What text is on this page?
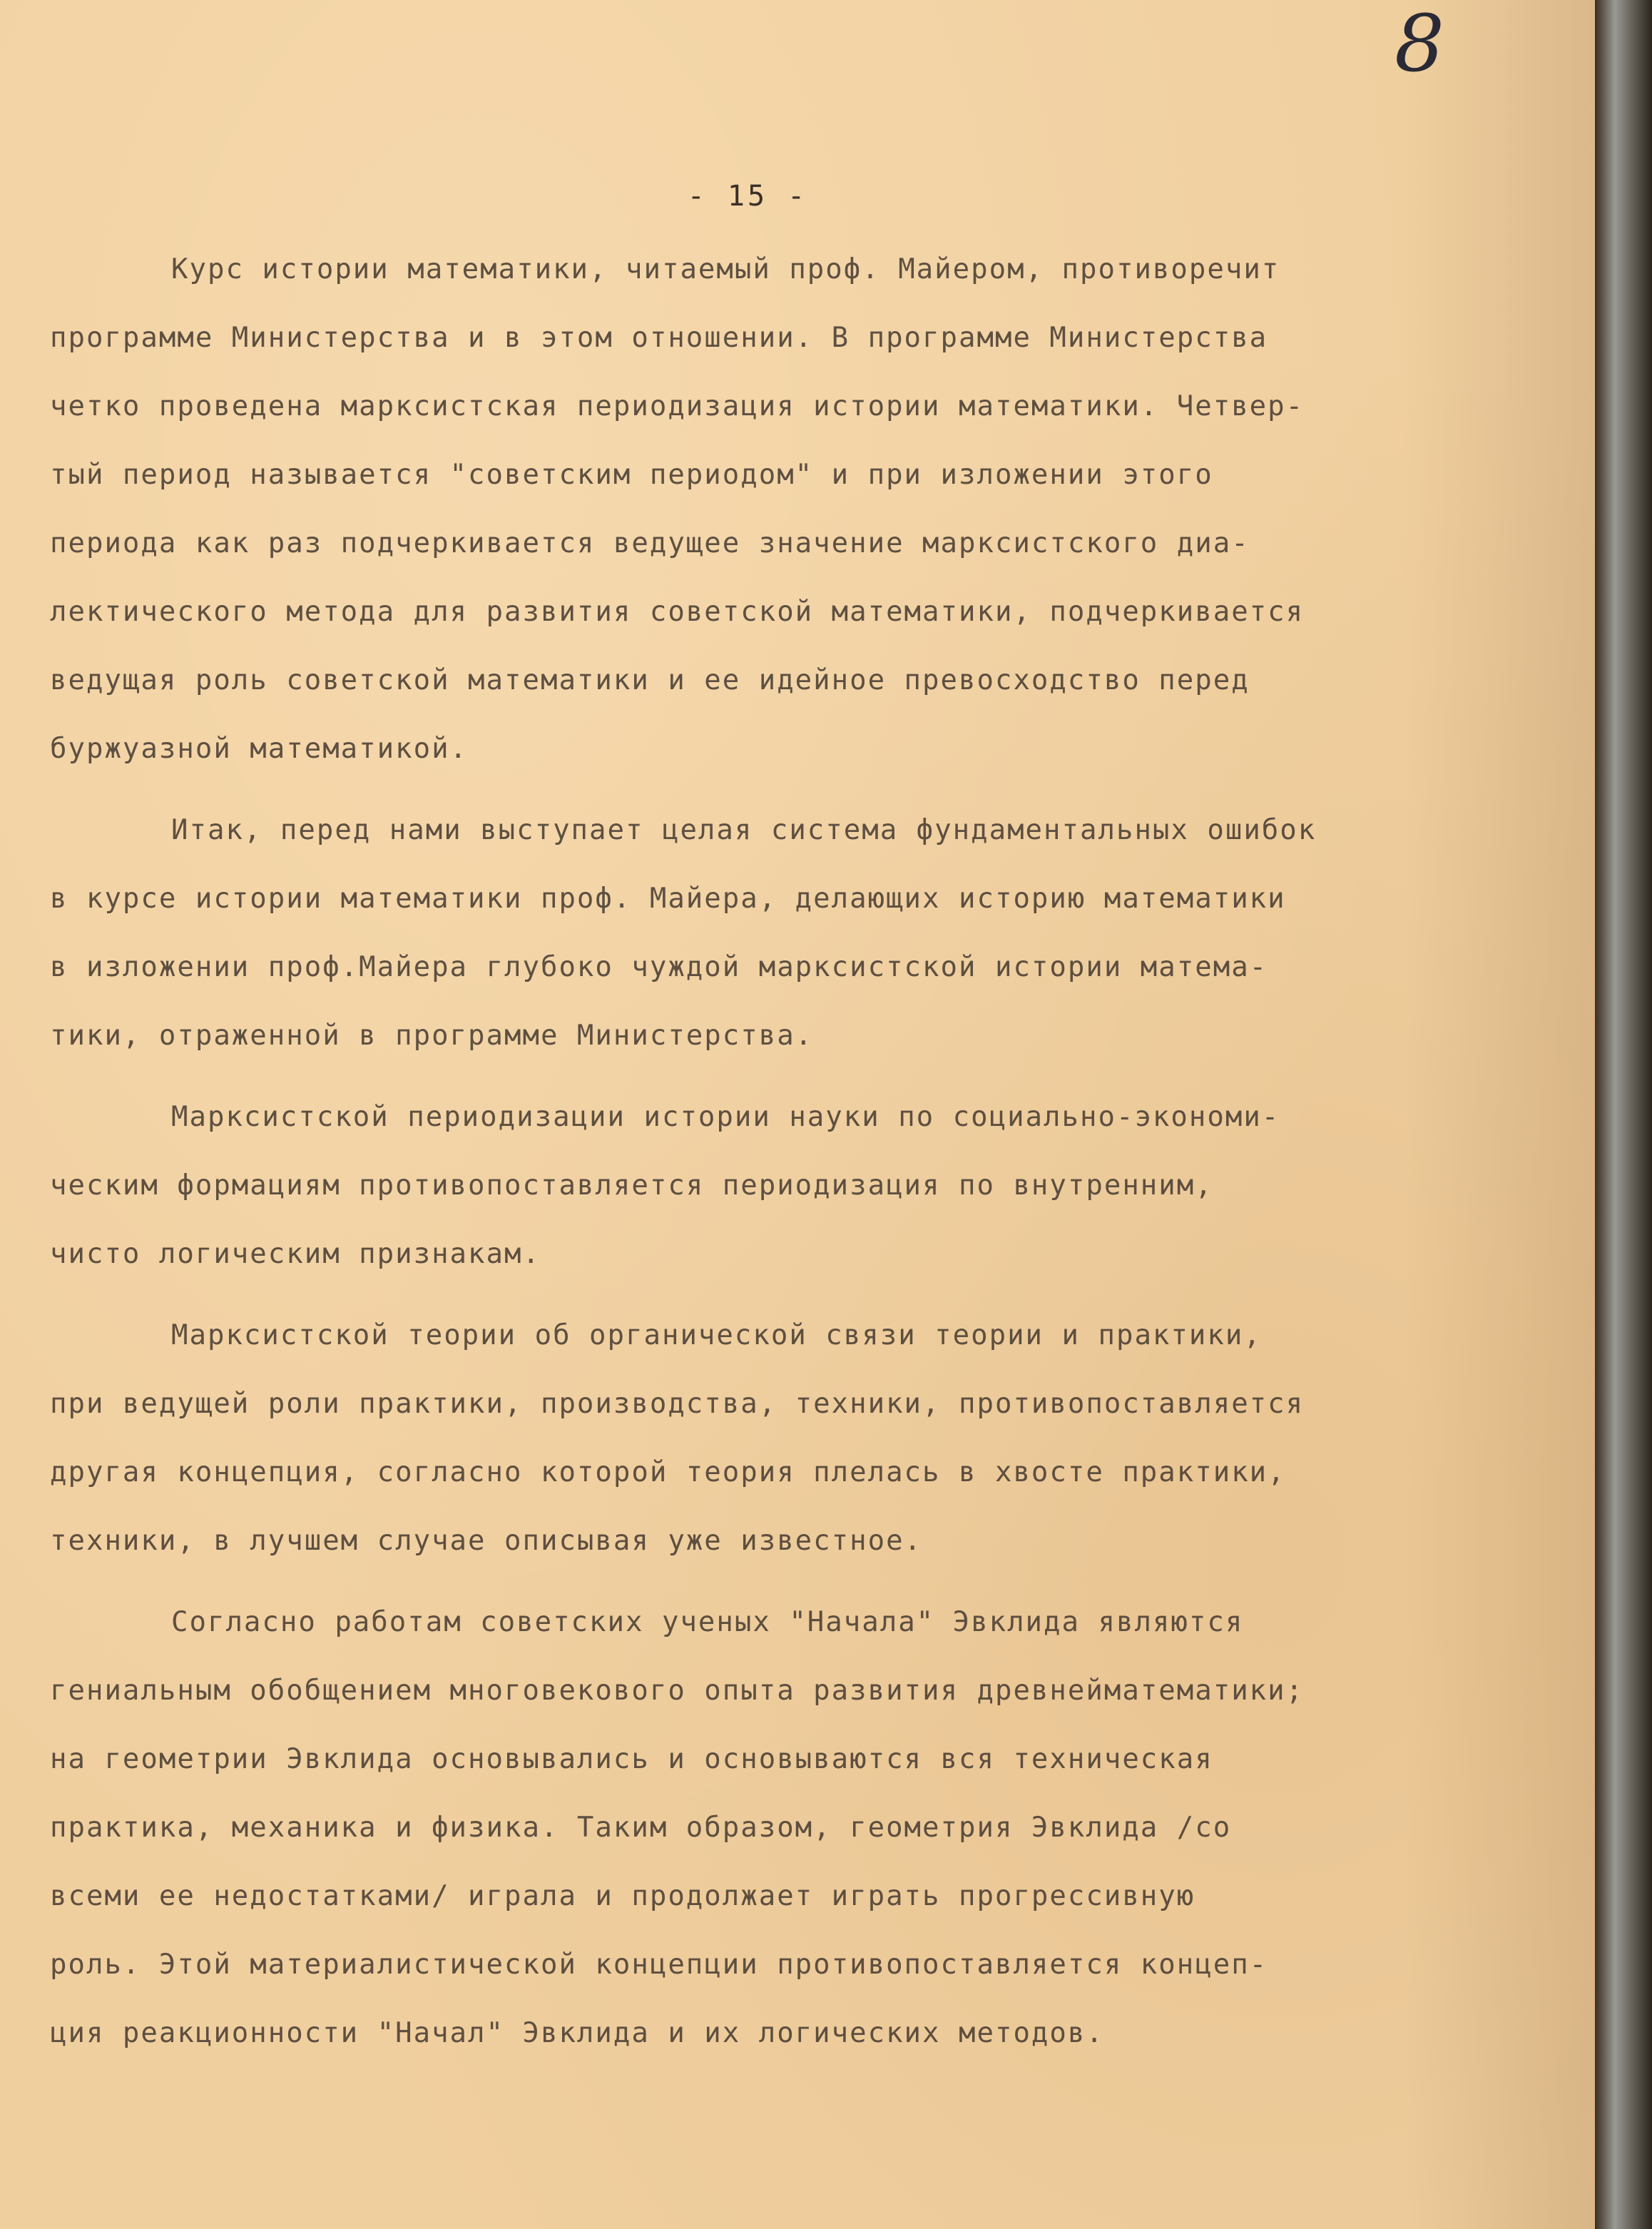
8
- 15 -
Курс истории математики, читаемый проф. Майером, противоречит
программе Министерства и в этом отношении. В программе Министерства
четко проведена марксистская периодизация истории математики. Четвер-
тый период называется "советским периодом" и при изложении этого
периода как раз подчеркивается ведущее значение марксистского диа-
лектического метода для развития советской математики, подчеркивается
ведущая роль советской математики и ее идейное превосходство перед
буржуазной математикой.
Итак, перед нами выступает целая система фундаментальных ошибок
в курсе истории математики проф. Майера, делающих историю математики
в изложении проф.Майера глубоко чуждой марксистской истории матема-
тики, отраженной в программе Министерства.
Марксистской периодизации истории науки по социально-экономи-
ческим формациям противопоставляется периодизация по внутренним,
чисто логическим признакам.
Марксистской теории об органической связи теории и практики,
при ведущей роли практики, производства, техники, противопоставляется
другая концепция, согласно которой теория плелась в хвосте практики,
техники, в лучшем случае описывая уже известное.
Согласно работам советских ученых "Начала" Эвклида являются
гениальным обобщением многовекового опыта развития древнейматематики;
на геометрии Эвклида основывались и основываются вся техническая
практика, механика и физика. Таким образом, геометрия Эвклида /со
всеми ее недостатками/ играла и продолжает играть прогрессивную
роль. Этой материалистической концепции противопоставляется концеп-
ция реакционности "Начал" Эвклида и их логических методов.
